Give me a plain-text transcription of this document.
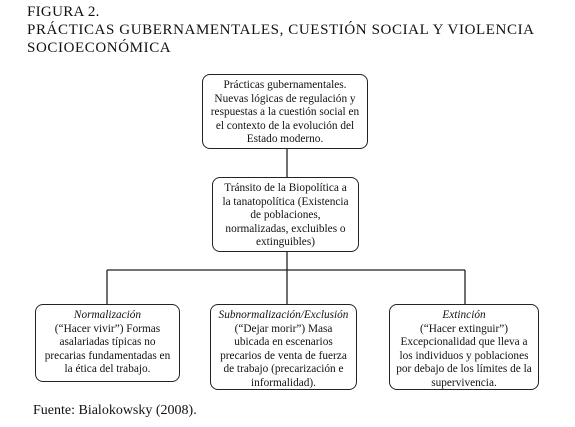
FIGURA 2.
PRÁCTICAS GUBERNAMENTALES, CUESTIÓN SOCIAL Y VIOLENCIA SOCIOECONÓMICA
Prácticas gubernamentales. Nuevas lógicas de regulación y respuestas a la cuestión social en el contexto de la evolución del Estado moderno.
Tránsito de la Biopolítica a la tanatopolítica (Existencia de poblaciones, normalizadas, excluibles o extinguibles)
Normalización
(“Hacer vivir”) Formas asalariadas típicas no precarias fundamentadas en la ética del trabajo.
Subnormalización/Exclusión
(“Dejar morir”) Masa ubicada en escenarios precarios de venta de fuerza de trabajo (precarización e informalidad).
Extinción
(“Hacer extinguir”) Excepcionalidad que lleva a los individuos y poblaciones por debajo de los límites de la supervivencia.
Fuente: Bialokowsky (2008).
